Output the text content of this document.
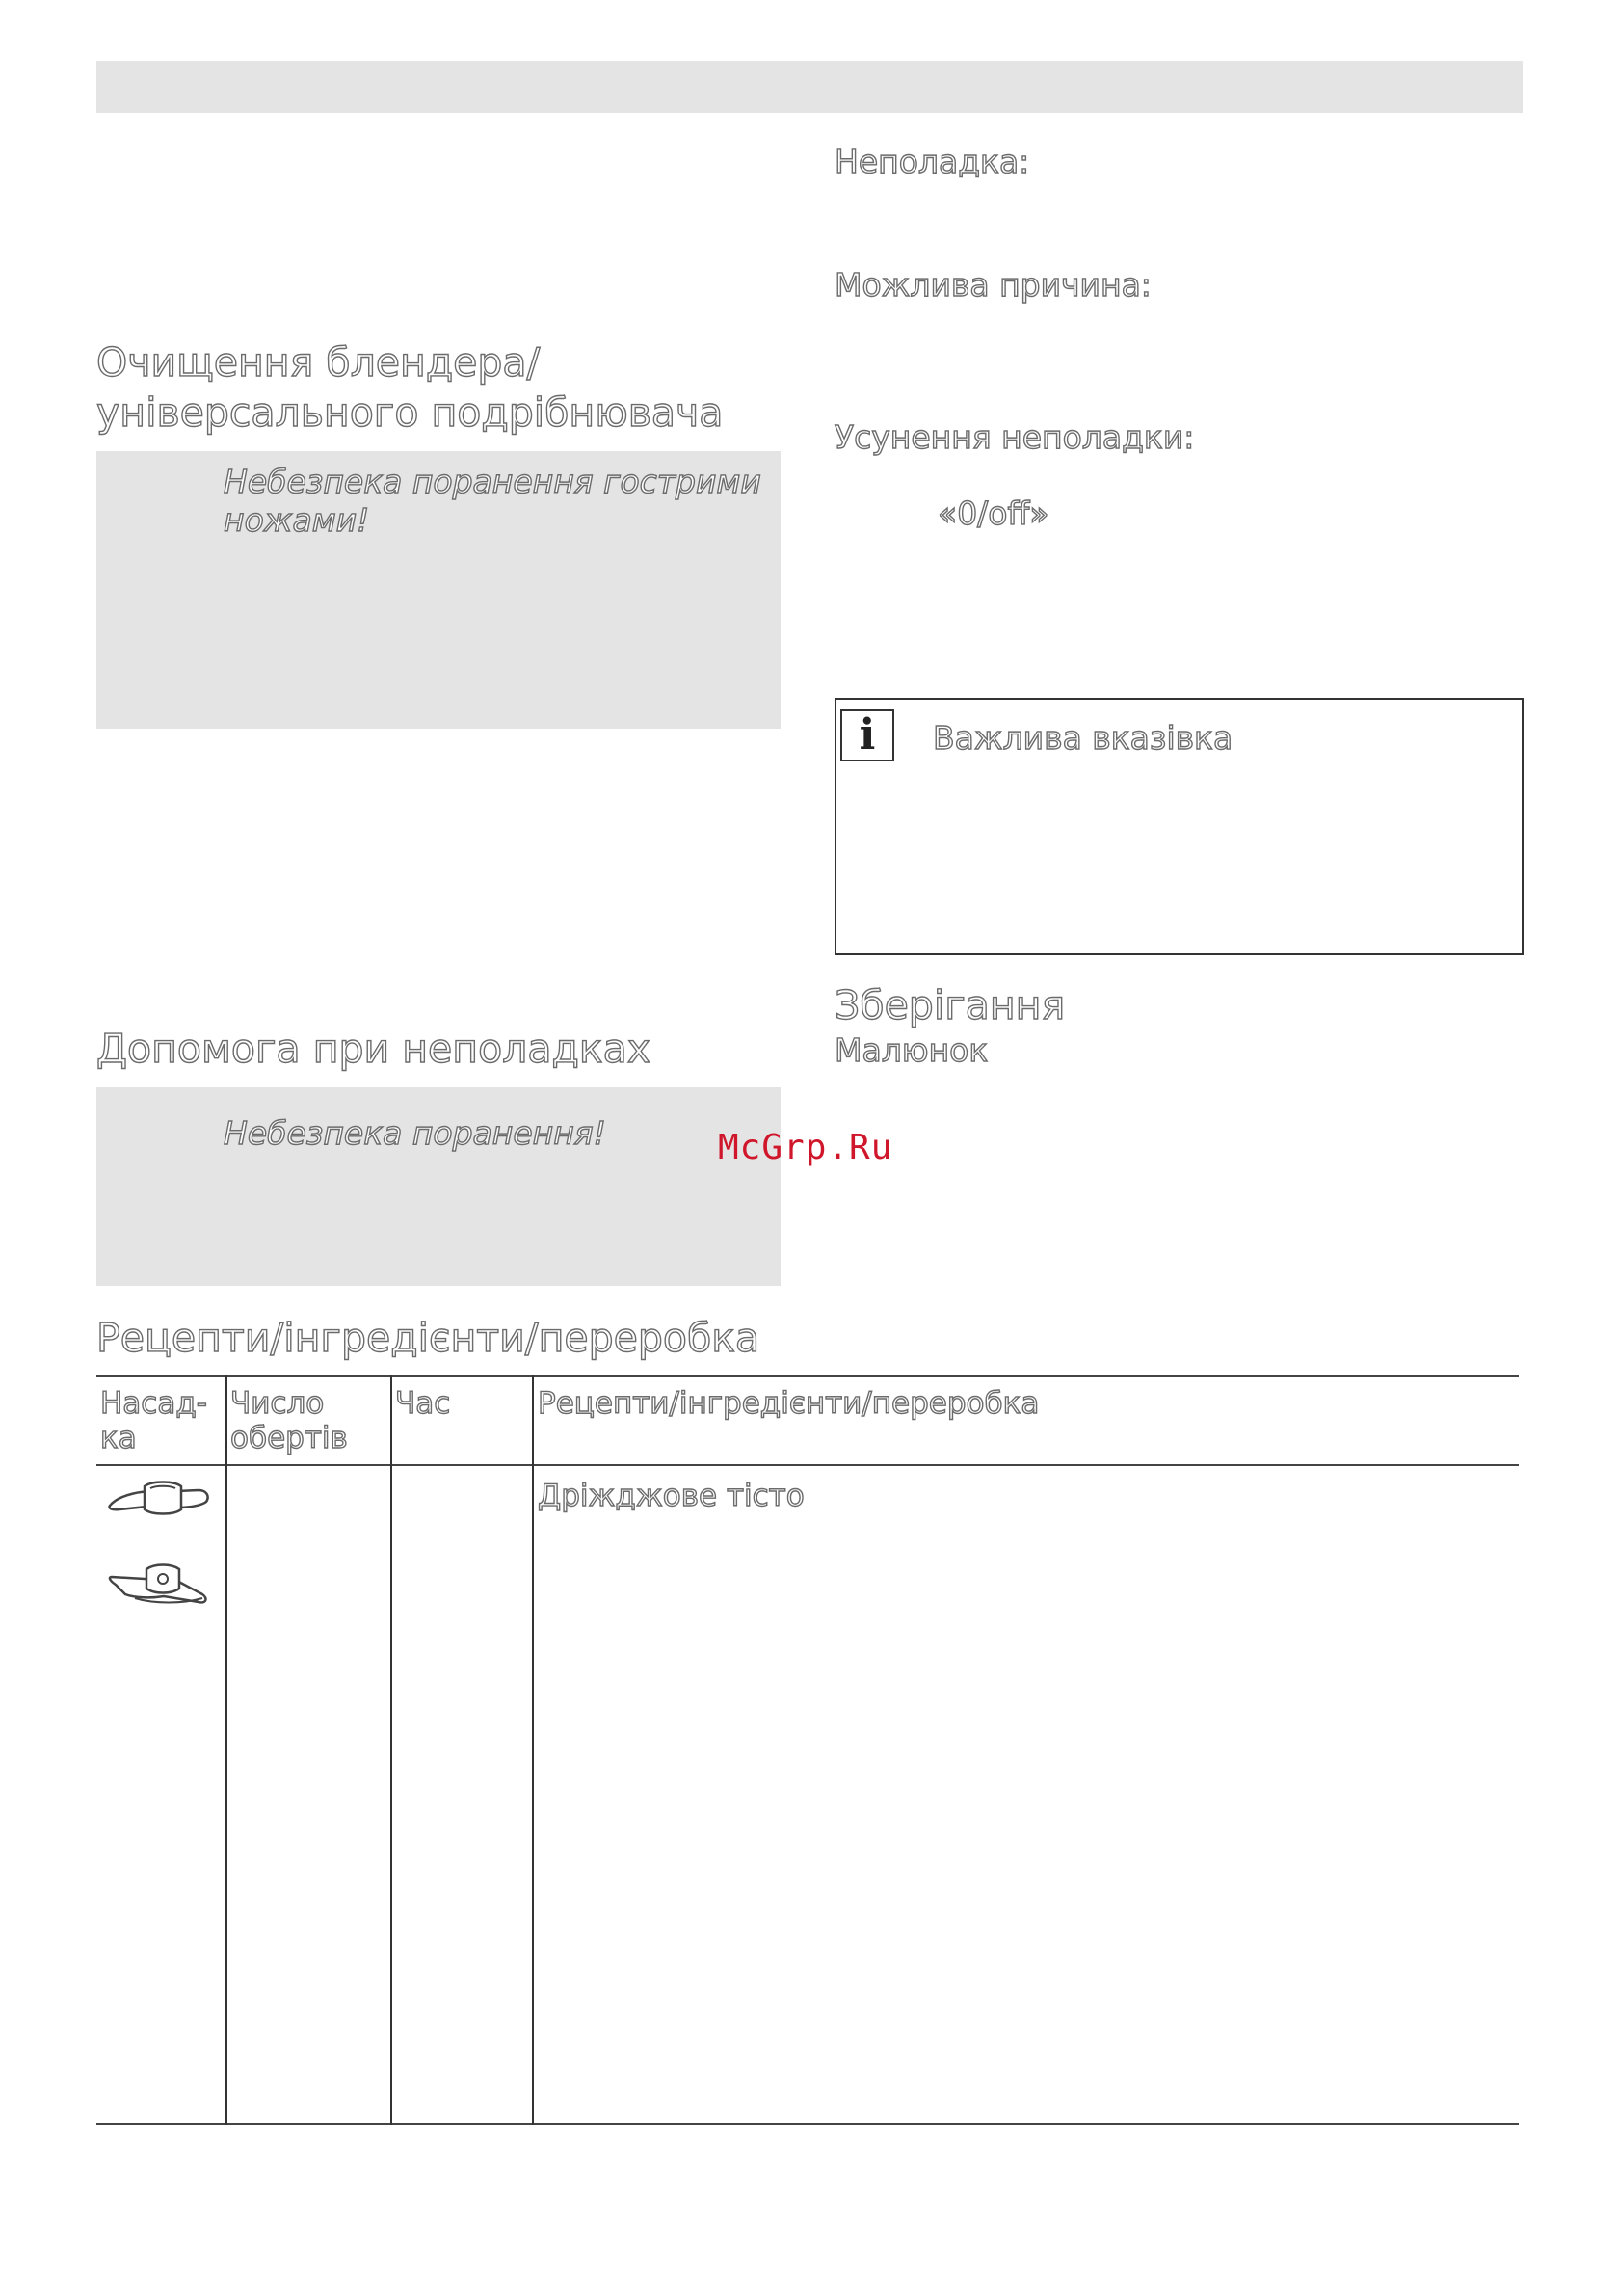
Очищення блендера/
універсального подрібнювача
Небезпека поранення гострими
ножами!
Допомога при неполадках
Небезпека поранення!
Неполадка:
Можлива причина:
Усунення неполадки:
«0/off»
i Важлива вказівка
Зберігання
Малюнок
McGrp.Ru
Рецепти/інгредієнти/переробка
Насад-
ка
Число
обертів
Час	Рецепти/інгредієнти/переробка
Дріжджове тісто
